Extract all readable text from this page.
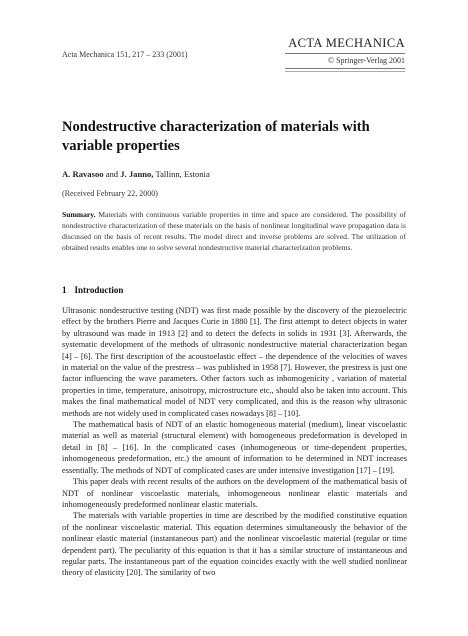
Acta Mechanica 151, 217 – 233 (2001)
ACTA MECHANICA
© Springer-Verlag 2001
Nondestructive characterization of materials with variable properties
A. Ravasoo and J. Janno, Tallinn, Estonia
(Received February 22, 2000)
Summary. Materials with continuous variable properties in time and space are considered. The possibility of nondestructive characterization of these materials on the basis of nonlinear longitudinal wave propagation data is discussed on the basis of recent results. The model direct and inverse problems are solved. The utilization of obtained results enables one to solve several nondestructive material characterization problems.
1 Introduction

Ultrasonic nondestructive testing (NDT) was first made possible by the discovery of the piezoelectric effect by the brothers Pierre and Jacques Curie in 1880 [1]. The first attempt to detect objects in water by ultrasound was made in 1913 [2] and to detect the defects in solids in 1931 [3]. Afterwards, the systematic development of the methods of ultrasonic nondestructive material characterization began [4] – [6]. The first description of the acoustoelastic effect – the dependence of the velocities of waves in material on the value of the prestress – was published in 1958 [7]. However, the prestress is just one factor influencing the wave parameters. Other factors such as inhomogenicity , variation of material properties in time, temperature, anisotropy, microstructure etc., should also be taken into account. This makes the final mathematical model of NDT very complicated, and this is the reason why ultrasonic methods are not widely used in complicated cases nowadays [8] – [10].

The mathematical basis of NDT of an elastic homogeneous material (medium), linear viscoelastic material as well as material (structural element) with homogeneous predeformation is developed in detail in [8] – [16]. In the complicated cases (inhomogeneous or time-dependent properties, inhomogeneous predeformation, etc.) the amount of information to be determined in NDT increases essentially. The methods of NDT of complicated cases are under intensive investigation [17] – [19].

This paper deals with recent results of the authors on the development of the mathematical basis of NDT of nonlinear viscoelastic materials, inhomogeneous nonlinear elastic materials and inhomogeneously predeformed nonlinear elastic materials.

The materials with variable properties in time are described by the modified constitutive equation of the nonlinear viscoelastic material. This equation determines simultaneously the behavior of the nonlinear elastic material (instantaneous part) and the nonlinear viscoelastic material (regular or time dependent part). The peculiarity of this equation is that it has a similar structure of instantaneous and regular parts. The instantaneous part of the equation coincides exactly with the well studied nonlinear theory of elasticity [20]. The similarity of two
